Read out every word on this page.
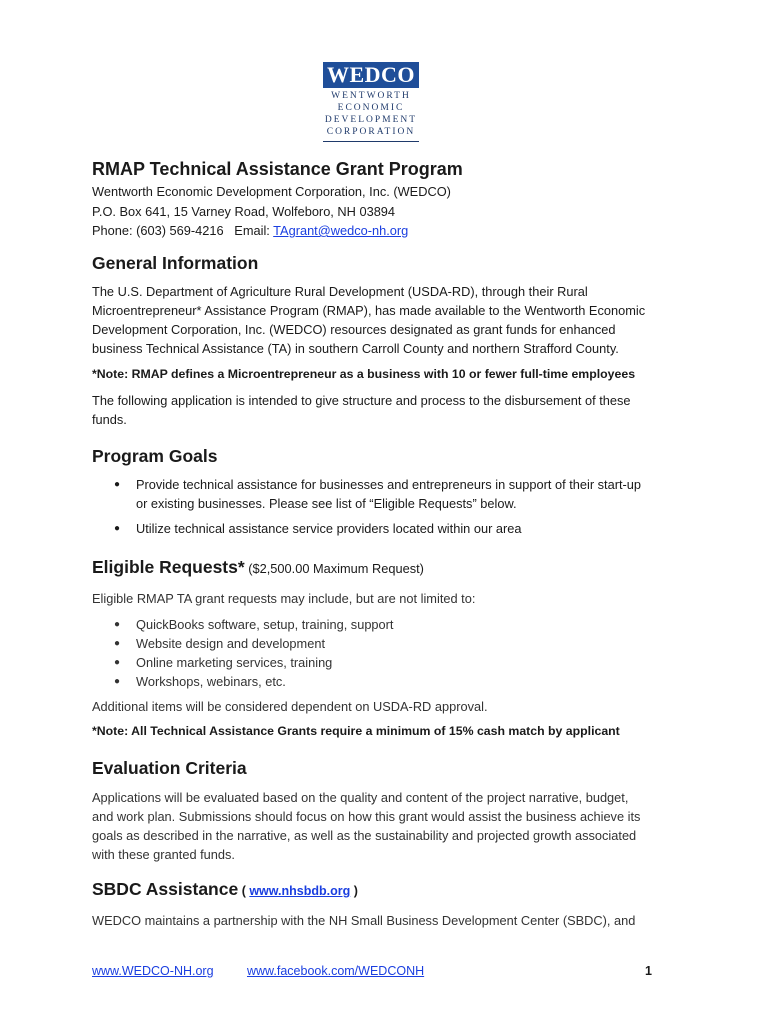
WEDCO
WENTWORTH
ECONOMIC
DEVELOPMENT
CORPORATION
RMAP Technical Assistance Grant Program

Wentworth Economic Development Corporation, Inc. (WEDCO)

P.O. Box 641, 15 Varney Road, Wolfeboro, NH 03894

Phone: (603) 569-4216   Email: TAgrant@wedco-nh.org

General Information

The U.S. Department of Agriculture Rural Development (USDA-RD), through their Rural

Microentrepreneur* Assistance Program (RMAP), has made available to the Wentworth Economic

Development Corporation, Inc. (WEDCO) resources designated as grant funds for enhanced

business Technical Assistance (TA) in southern Carroll County and northern Strafford County.

*Note: RMAP defines a Microentrepreneur as a business with 10 or fewer full-time employees

The following application is intended to give structure and process to the disbursement of these

funds.

Program Goals
● Provide technical assistance for businesses and entrepreneurs in support of their start-up
or existing businesses. Please see list of “Eligible Requests” below.
● Utilize technical assistance service providers located within our area
Eligible Requests* ($2,500.00 Maximum Request)

Eligible RMAP TA grant requests may include, but are not limited to:

● QuickBooks software, setup, training, support
● Website design and development
● Online marketing services, training
● Workshops, webinars, etc.

Additional items will be considered dependent on USDA-RD approval.

*Note: All Technical Assistance Grants require a minimum of 15% cash match by applicant

Evaluation Criteria

Applications will be evaluated based on the quality and content of the project narrative, budget,

and work plan. Submissions should focus on how this grant would assist the business achieve its

goals as described in the narrative, as well as the sustainability and projected growth associated

with these granted funds.

SBDC Assistance ( www.nhsbdb.org )

WEDCO maintains a partnership with the NH Small Business Development Center (SBDC), and

www.WEDCO-NH.org	www.facebook.com/WEDCONH	1
